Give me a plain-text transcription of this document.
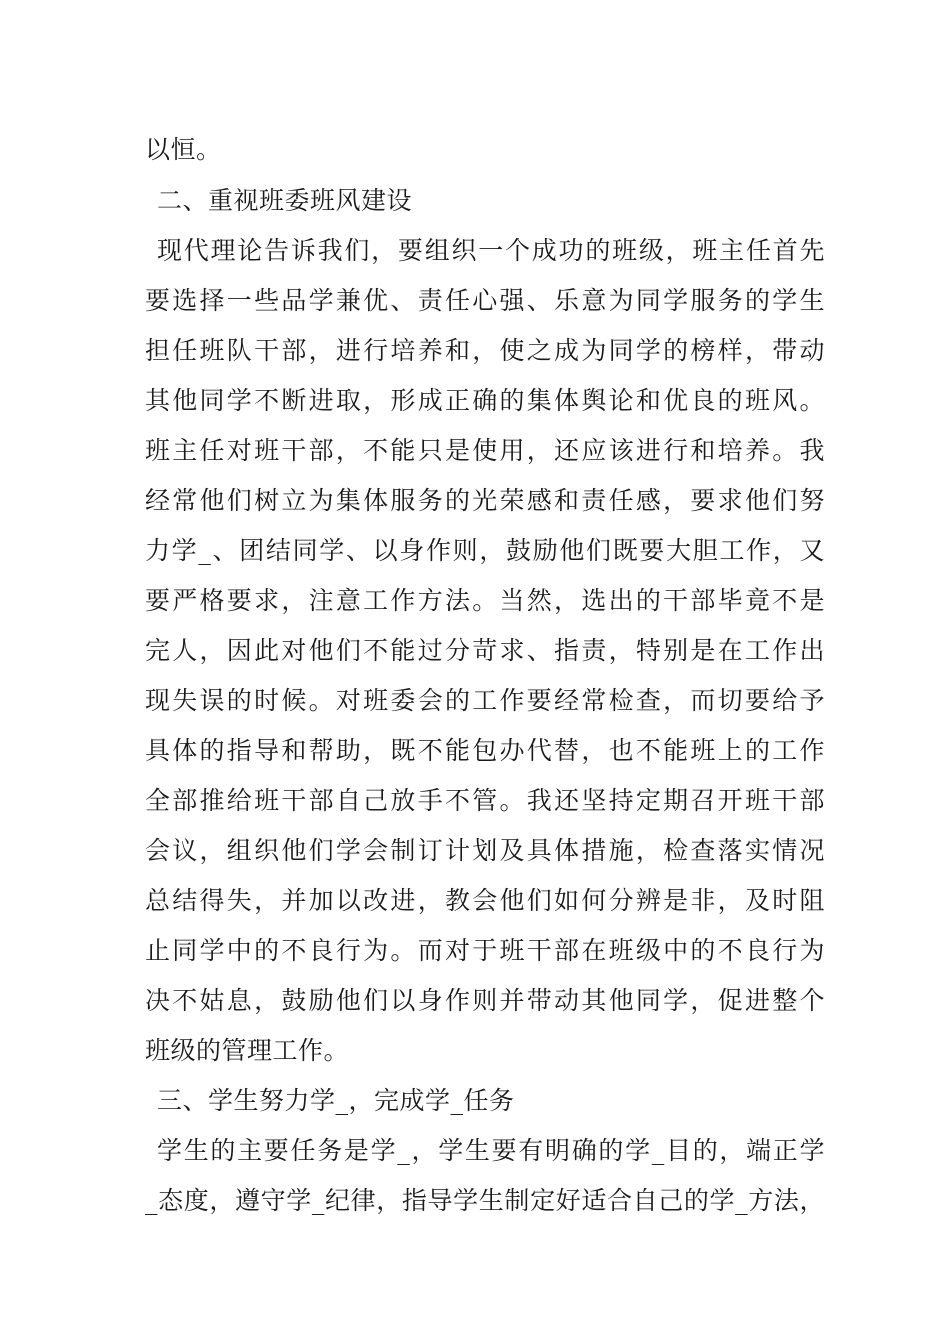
以恒。
二、重视班委班风建设
现代理论告诉我们，要组织一个成功的班级，班主任首先
要选择一些品学兼优、责任心强、乐意为同学服务的学生
担任班队干部，进行培养和，使之成为同学的榜样，带动
其他同学不断进取，形成正确的集体舆论和优良的班风。
班主任对班干部，不能只是使用，还应该进行和培养。我
经常他们树立为集体服务的光荣感和责任感，要求他们努
力学_、团结同学、以身作则，鼓励他们既要大胆工作，又
要严格要求，注意工作方法。当然，选出的干部毕竟不是
完人，因此对他们不能过分苛求、指责，特别是在工作出
现失误的时候。对班委会的工作要经常检查，而切要给予
具体的指导和帮助，既不能包办代替，也不能班上的工作
全部推给班干部自己放手不管。我还坚持定期召开班干部
会议，组织他们学会制订计划及具体措施，检查落实情况
总结得失，并加以改进，教会他们如何分辨是非，及时阻
止同学中的不良行为。而对于班干部在班级中的不良行为
决不姑息，鼓励他们以身作则并带动其他同学，促进整个
班级的管理工作。
三、学生努力学_，完成学_任务
学生的主要任务是学_，学生要有明确的学_目的，端正学
_态度，遵守学_纪律，指导学生制定好适合自己的学_方法，
